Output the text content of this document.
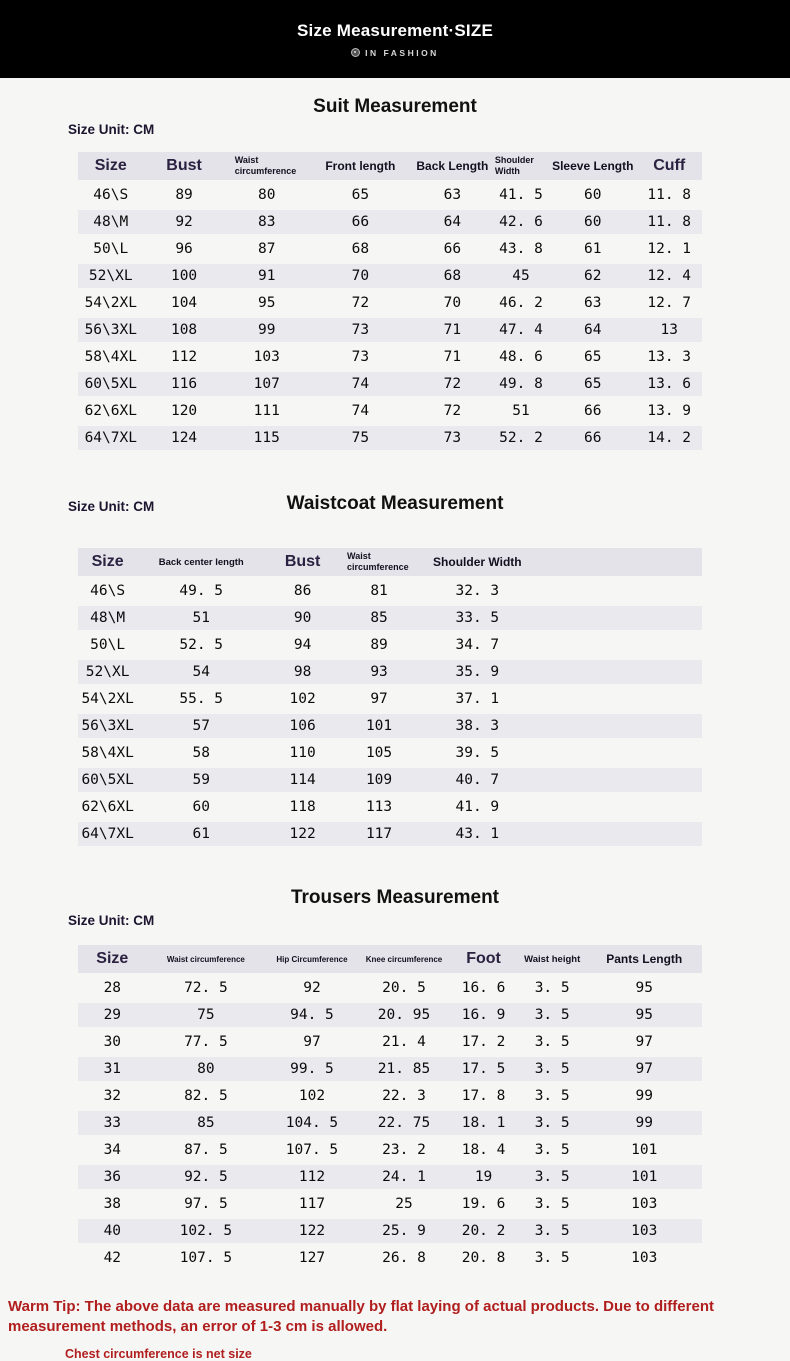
Size Measurement·SIZE
IN FASHION
Suit Measurement
Size Unit: CM
Size	Bust	Waist circumference	Front length	Back Length	Shoulder Width	Sleeve Length	Cuff
46\S	89	80	65	63	41. 5	60	11. 8
48\M	92	83	66	64	42. 6	60	11. 8
50\L	96	87	68	66	43. 8	61	12. 1
52\XL	100	91	70	68	45	62	12. 4
54\2XL	104	95	72	70	46. 2	63	12. 7
56\3XL	108	99	73	71	47. 4	64	13
58\4XL	112	103	73	71	48. 6	65	13. 3
60\5XL	116	107	74	72	49. 8	65	13. 6
62\6XL	120	111	74	72	51	66	13. 9
64\7XL	124	115	75	73	52. 2	66	14. 2
Size Unit: CM	Waistcoat Measurement
Size	Back center length	Bust	Waist circumference	Shoulder Width	
46\S	49. 5	86	81	32. 3	
48\M	51	90	85	33. 5	
50\L	52. 5	94	89	34. 7	
52\XL	54	98	93	35. 9	
54\2XL	55. 5	102	97	37. 1	
56\3XL	57	106	101	38. 3	
58\4XL	58	110	105	39. 5	
60\5XL	59	114	109	40. 7	
62\6XL	60	118	113	41. 9	
64\7XL	61	122	117	43. 1	
Trousers Measurement
Size Unit: CM
Size	Waist circumference	Hip Circumference	Knee circumference	Foot	Waist height	Pants Length
28	72. 5	92	20. 5	16. 6	3. 5	95
29	75	94. 5	20. 95	16. 9	3. 5	95
30	77. 5	97	21. 4	17. 2	3. 5	97
31	80	99. 5	21. 85	17. 5	3. 5	97
32	82. 5	102	22. 3	17. 8	3. 5	99
33	85	104. 5	22. 75	18. 1	3. 5	99
34	87. 5	107. 5	23. 2	18. 4	3. 5	101
36	92. 5	112	24. 1	19	3. 5	101
38	97. 5	117	25	19. 6	3. 5	103
40	102. 5	122	25. 9	20. 2	3. 5	103
42	107. 5	127	26. 8	20. 8	3. 5	103
Warm Tip: The above data are measured manually by flat laying of actual products. Due to different measurement methods, an error of 1-3 cm is allowed.
Chest circumference is net size
